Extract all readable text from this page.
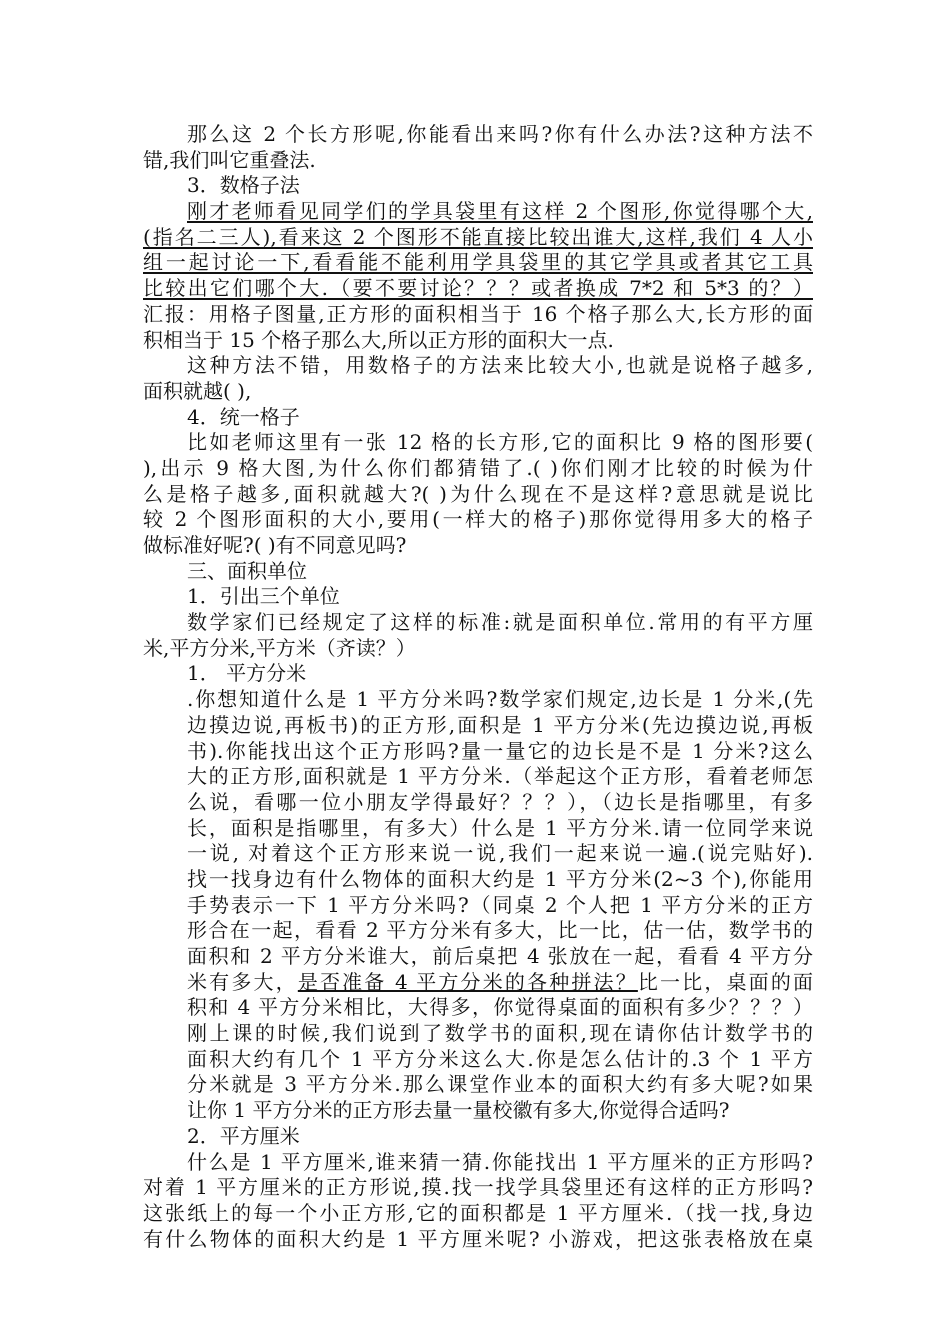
那么这 2 个长方形呢,你能看出来吗?你有什么办法?这种方法不
错,我们叫它重叠法.
3．数格子法
刚才老师看见同学们的学具袋里有这样 2 个图形,你觉得哪个大,
(指名二三人),看来这 2 个图形不能直接比较出谁大,这样,我们 4 人小
组一起讨论一下,看看能不能利用学具袋里的其它学具或者其它工具
比较出它们哪个大.（要不要讨论？？？或者换成 7*2 和 5*3 的？）
汇报：用格子图量,正方形的面积相当于 16 个格子那么大,长方形的面
积相当于 15 个格子那么大,所以正方形的面积大一点.
这种方法不错，用数格子的方法来比较大小,也就是说格子越多,
面积就越( ),
4．统一格子
比如老师这里有一张 12 格的长方形,它的面积比 9 格的图形要(
),出示 9 格大图,为什么你们都猜错了.( )你们刚才比较的时候为什
么是格子越多,面积就越大?( )为什么现在不是这样?意思就是说比
较 2 个图形面积的大小,要用(一样大的格子)那你觉得用多大的格子
做标准好呢?( )有不同意见吗?
三、面积单位
1．引出三个单位
数学家们已经规定了这样的标准:就是面积单位.常用的有平方厘
米,平方分米,平方米（齐读？）
1． 平方分米
.你想知道什么是 1 平方分米吗?数学家们规定,边长是 1 分米,(先
边摸边说,再板书)的正方形,面积是 1 平方分米(先边摸边说,再板
书).你能找出这个正方形吗?量一量它的边长是不是 1 分米?这么
大的正方形,面积就是 1 平方分米.（举起这个正方形，看着老师怎
么说，看哪一位小朋友学得最好？？？），（边长是指哪里，有多
长，面积是指哪里，有多大）什么是 1 平方分米.请一位同学来说
一说, 对着这个正方形来说一说,我们一起来说一遍.(说完贴好).
找一找身边有什么物体的面积大约是 1 平方分米(2~3 个),你能用
手势表示一下 1 平方分米吗?（同桌 2 个人把 1 平方分米的正方
形合在一起，看看 2 平方分米有多大，比一比，估一估，数学书的
面积和 2 平方分米谁大，前后桌把 4 张放在一起，看看 4 平方分
米有多大，是否准备 4 平方分米的各种拼法？比一比，桌面的面
积和 4 平方分米相比，大得多，你觉得桌面的面积有多少？？？）
刚上课的时候,我们说到了数学书的面积,现在请你估计数学书的
面积大约有几个 1 平方分米这么大.你是怎么估计的.3 个 1 平方
分米就是 3 平方分米.那么课堂作业本的面积大约有多大呢?如果
让你 1 平方分米的正方形去量一量校徽有多大,你觉得合适吗?
2．平方厘米
什么是 1 平方厘米,谁来猜一猜.你能找出 1 平方厘米的正方形吗?
对着 1 平方厘米的正方形说,摸.找一找学具袋里还有这样的正方形吗?
这张纸上的每一个小正方形,它的面积都是 1 平方厘米.（找一找,身边
有什么物体的面积大约是 1 平方厘米呢? 小游戏，把这张表格放在桌
